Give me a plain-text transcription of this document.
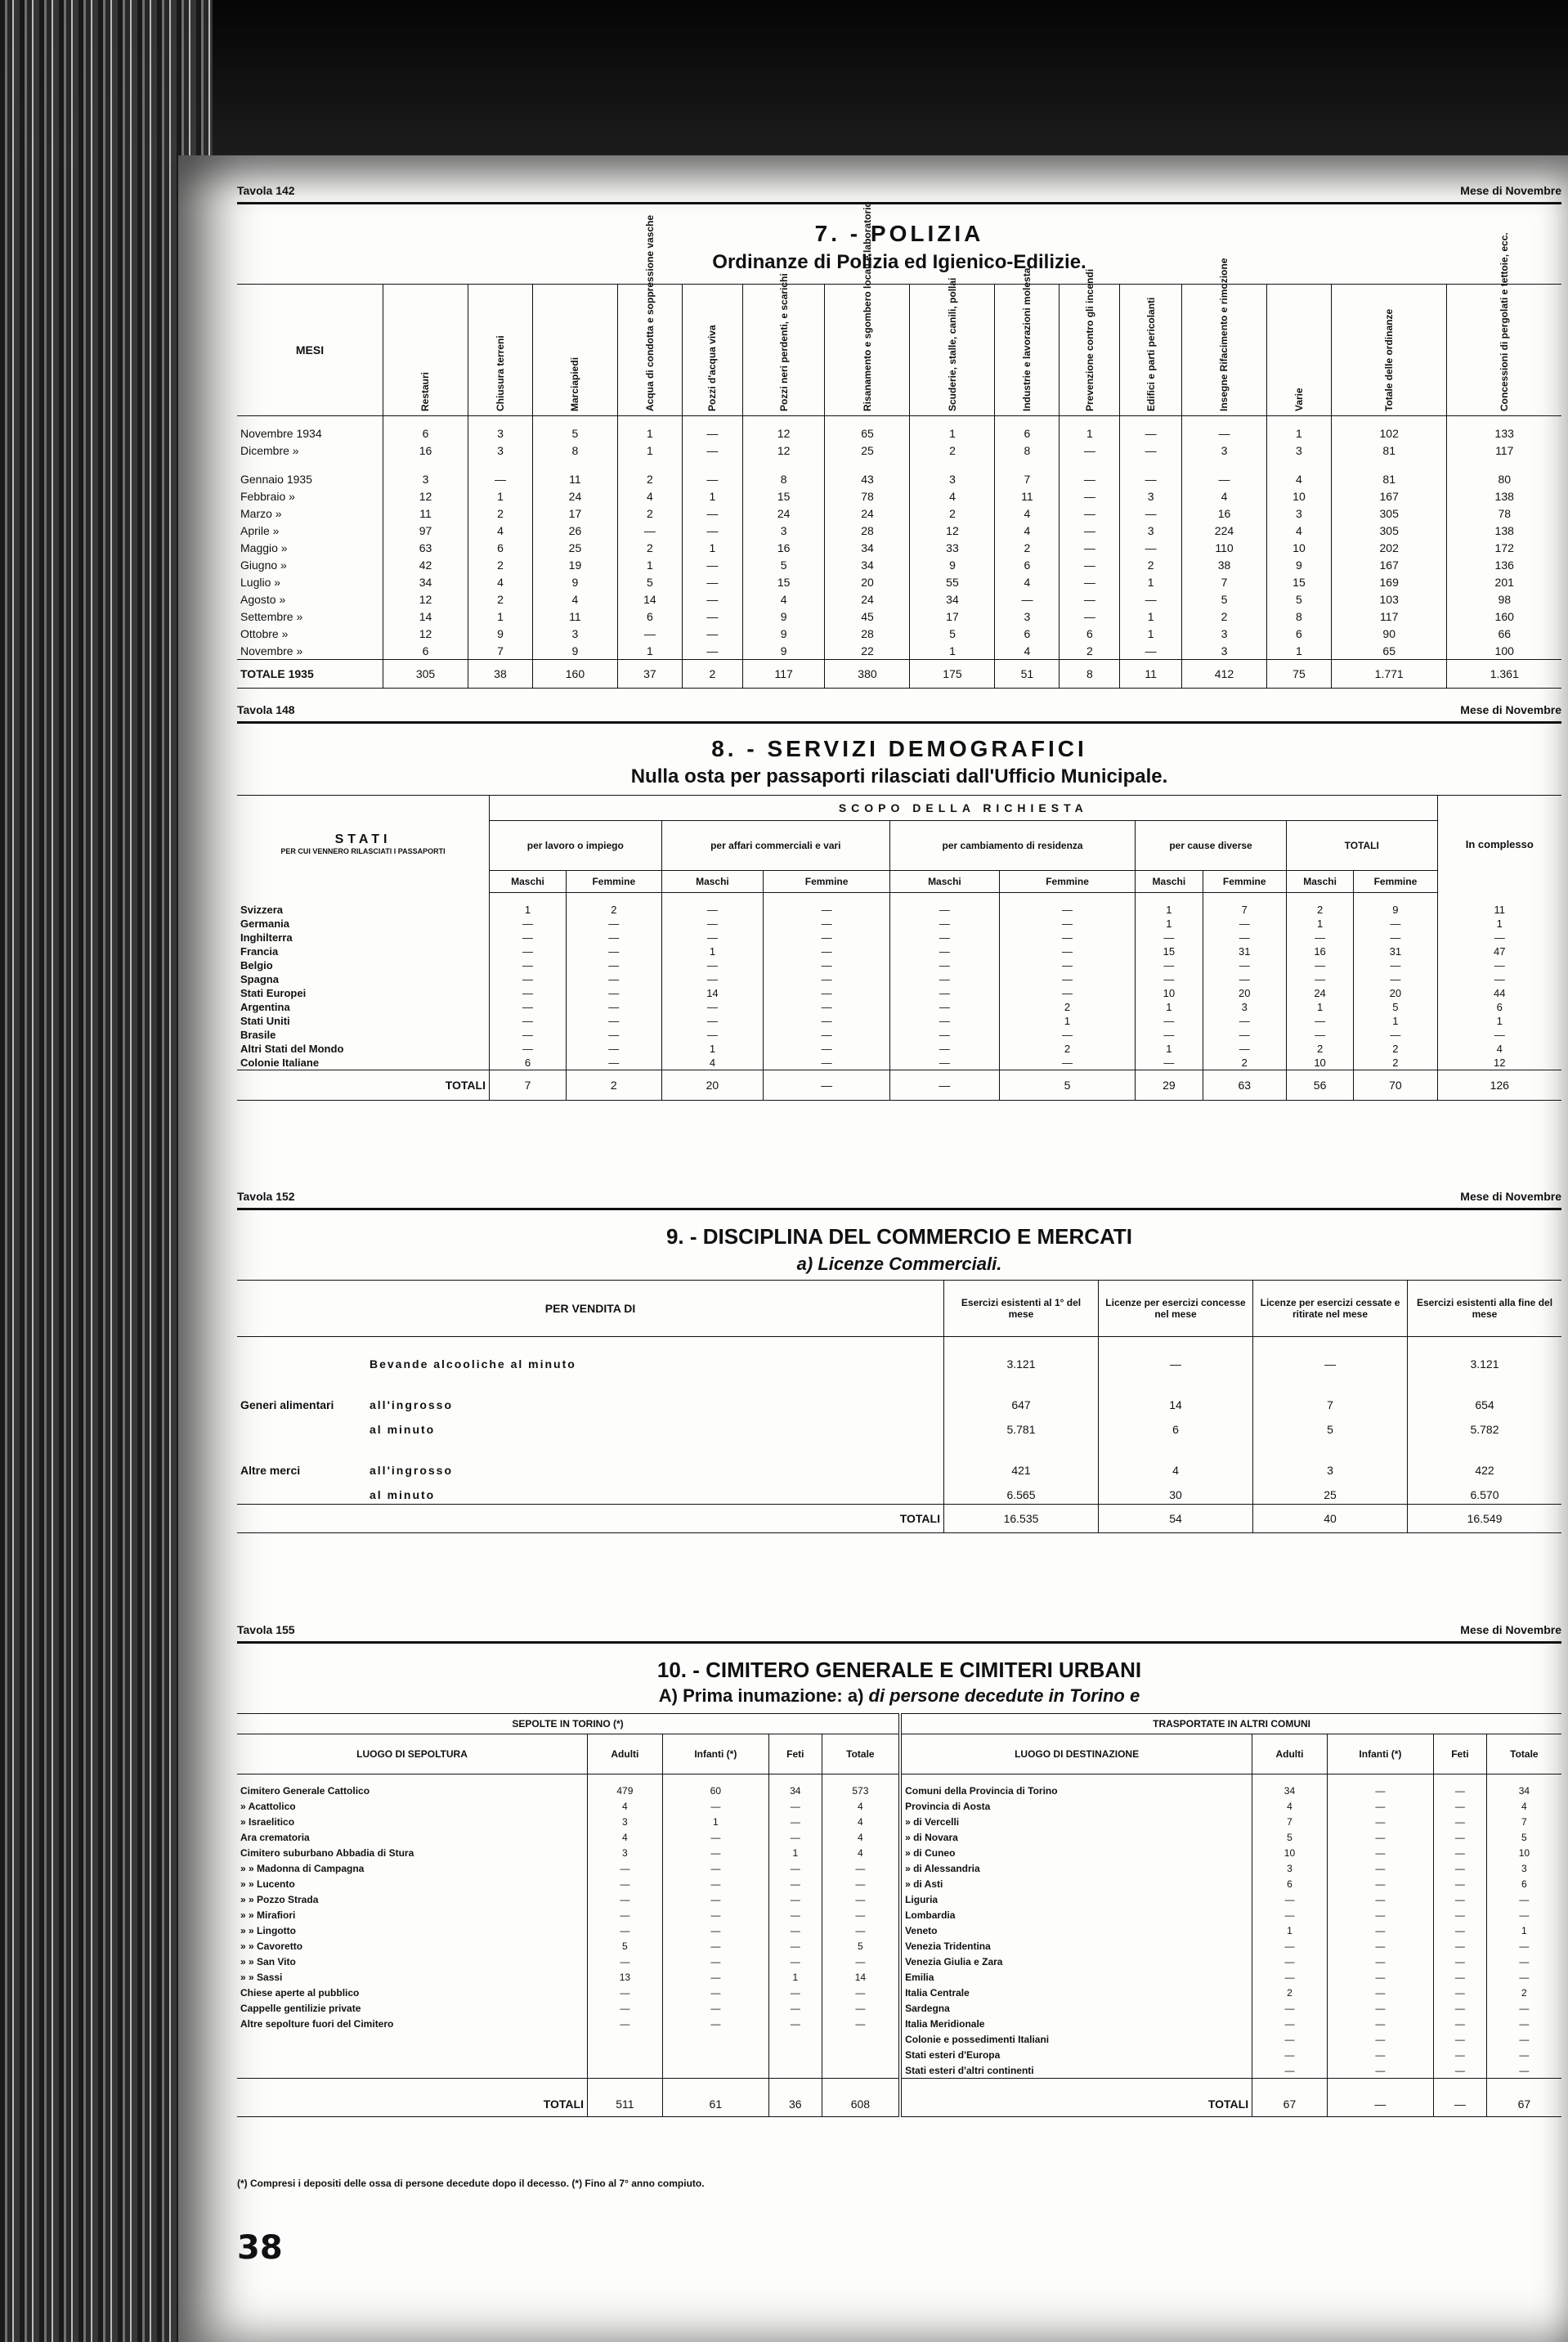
Tavola 142	Mese di Novembre
7. - POLIZIA
Ordinanze di Polizia ed Igienico-Edilizie.
MESI	Restauri	Chiusura terreni	Marciapiedi	Acqua di condotta e soppressione vasche	Pozzi d'acqua viva	Pozzi neri perdenti, e scarichi	Risanamento e sgombero locali e laboratorio	Scuderie, stalle, canili, pollai	Industrie e lavorazioni molesta	Prevenzione contro gli incendi	Edifici e parti pericolanti	Insegne Rifacimento e rimozione	Varie	Totale delle ordinanze	Concessioni di pergolati e tettoie, ecc.

Novembre 1934	6	3	5	1	—	12	65	1	6	1	—	—	1	102	133
Dicembre »	16	3	8	1	—	12	25	2	8	—	—	3	3	81	117
Gennaio 1935	3	—	11	2	—	8	43	3	7	—	—	—	4	81	80
Febbraio »	12	1	24	4	1	15	78	4	11	—	3	4	10	167	138
Marzo »	11	2	17	2	—	24	24	2	4	—	—	16	3	305	78
Aprile »	97	4	26	—	—	3	28	12	4	—	3	224	4	305	138
Maggio »	63	6	25	2	1	16	34	33	2	—	—	110	10	202	172
Giugno »	42	2	19	1	—	5	34	9	6	—	2	38	9	167	136
Luglio »	34	4	9	5	—	15	20	55	4	—	1	7	15	169	201
Agosto »	12	2	4	14	—	4	24	34	—	—	—	5	5	103	98
Settembre »	14	1	11	6	—	9	45	17	3	—	1	2	8	117	160
Ottobre »	12	9	3	—	—	9	28	5	6	6	1	3	6	90	66
Novembre »	6	7	9	1	—	9	22	1	4	2	—	3	1	65	100
TOTALE 1935	305	38	160	37	2	117	380	175	51	8	11	412	75	1.771	1.361
Tavola 148	Mese di Novembre
8. - SERVIZI DEMOGRAFICI
Nulla osta per passaporti rilasciati dall'Ufficio Municipale.
STATI
PER CUI VENNERO RILASCIATI I PASSAPORTI	SCOPO DELLA RICHIESTA										In complesso
	per lavoro o impiego		per affari commerciali e vari		per cambiamento di residenza		per cause diverse		TOTALI		
	Maschi	Femmine	Maschi	Femmine	Maschi	Femmine	Maschi	Femmine	Maschi	Femmine	
Svizzera	1	2	—	—	—	—	1	7	2	9	11
Germania	—	—	—	—	—	—	1	—	1	—	1
Inghilterra	—	—	—	—	—	—	—	—	—	—	—
Francia	—	—	1	—	—	—	15	31	16	31	47
Belgio	—	—	—	—	—	—	—	—	—	—	—
Spagna	—	—	—	—	—	—	—	—	—	—	—
Stati Europei	—	—	14	—	—	—	10	20	24	20	44
Argentina	—	—	—	—	—	2	1	3	1	5	6
Stati Uniti	—	—	—	—	—	1	—	—	—	1	1
Brasile	—	—	—	—	—	—	—	—	—	—	—
Altri Stati del Mondo	—	—	1	—	—	2	1	—	2	2	4
Colonie Italiane	6	—	4	—	—	—	—	2	10	2	12
TOTALI	7	2	20	—	—	5	29	63	56	70	126
Tavola 152	Mese di Novembre
9. - DISCIPLINA DEL COMMERCIO E MERCATI
a) Licenze Commerciali.
PER VENDITA DI		Esercizi esistenti al 1° del mese	Licenze per esercizi concesse nel mese	Licenze per esercizi cessate e ritirate nel mese	Esercizi esistenti alla fine del mese
	Bevande alcooliche al minuto	3.121	—	—	3.121
Generi alimentari	all'ingrosso	647	14	7	654
	al minuto	5.781	6	5	5.782
Altre merci	all'ingrosso	421	4	3	422
	al minuto	6.565	30	25	6.570
TOTALI		16.535	54	40	16.549
Tavola 155	Mese di Novembre
10. - CIMITERO GENERALE E CIMITERI URBANI
A) Prima inumazione: a) di persone decedute in Torino e
SEPOLTE IN TORINO (*)					TRASPORTATE IN ALTRI COMUNI				
LUOGO DI SEPOLTURA	Adulti	Infanti (*)	Feti	Totale	LUOGO DI DESTINAZIONE	Adulti	Infanti (*)	Feti	Totale
Cimitero Generale Cattolico	479	60	34	573	Comuni della Provincia di Torino	34	—	—	34
» Acattolico	4	—	—	4	Provincia di Aosta	4	—	—	4
» Israelitico	3	1	—	4	» di Vercelli	7	—	—	7
Ara crematoria	4	—	—	4	» di Novara	5	—	—	5
Cimitero suburbano Abbadia di Stura	3	—	1	4	» di Cuneo	10	—	—	10
» » Madonna di Campagna	—	—	—	—	» di Alessandria	3	—	—	3
» » Lucento	—	—	—	—	» di Asti	6	—	—	6
» » Pozzo Strada	—	—	—	—	Liguria	—	—	—	—
» » Mirafiori	—	—	—	—	Lombardia	—	—	—	—
» » Lingotto	—	—	—	—	Veneto	1	—	—	1
» » Cavoretto	5	—	—	5	Venezia Tridentina	—	—	—	—
» » San Vito	—	—	—	—	Venezia Giulia e Zara	—	—	—	—
» » Sassi	13	—	1	14	Emilia	—	—	—	—
Chiese aperte al pubblico	—	—	—	—	Italia Centrale	2	—	—	2
Cappelle gentilizie private	—	—	—	—	Sardegna	—	—	—	—
Altre sepolture fuori del Cimitero	—	—	—	—	Italia Meridionale	—	—	—	—
					Colonie e possedimenti Italiani	—	—	—	—
					Stati esteri d'Europa	—	—	—	—
					Stati esteri d'altri continenti	—	—	—	—
TOTALI	511	61	36	608	TOTALI	67	—	—	67
(*) Compresi i depositi delle ossa di persone decedute dopo il decesso. (*) Fino al 7° anno compiuto.
38
